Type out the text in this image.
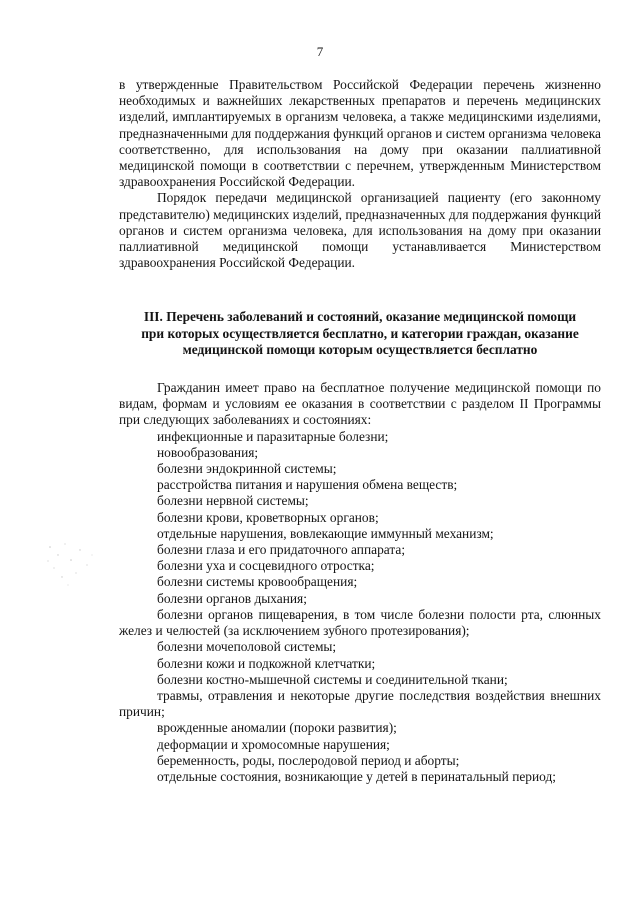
7

в утвержденные Правительством Российской Федерации перечень жизненно необходимых и важнейших лекарственных препаратов и перечень медицинских изделий, имплантируемых в организм человека, а также медицинскими изделиями, предназначенными для поддержания функций органов и систем организма человека соответственно, для использования на дому при оказании паллиативной медицинской помощи в соответствии с перечнем, утвержденным Министерством здравоохранения Российской Федерации.

Порядок передачи медицинской организацией пациенту (его законному представителю) медицинских изделий, предназначенных для поддержания функций органов и систем организма человека, для использования на дому при оказании паллиативной медицинской помощи устанавливается Министерством здравоохранения Российской Федерации.

III. Перечень заболеваний и состояний, оказание медицинской помощи при которых осуществляется бесплатно, и категории граждан, оказание медицинской помощи которым осуществляется бесплатно

Гражданин имеет право на бесплатное получение медицинской помощи по видам, формам и условиям ее оказания в соответствии с разделом II Программы при следующих заболеваниях и состояниях:

инфекционные и паразитарные болезни;
новообразования;
болезни эндокринной системы;
расстройства питания и нарушения обмена веществ;
болезни нервной системы;
болезни крови, кроветворных органов;
отдельные нарушения, вовлекающие иммунный механизм;
болезни глаза и его придаточного аппарата;
болезни уха и сосцевидного отростка;
болезни системы кровообращения;
болезни органов дыхания;
болезни органов пищеварения, в том числе болезни полости рта, слюнных желез и челюстей (за исключением зубного протезирования);
болезни мочеполовой системы;
болезни кожи и подкожной клетчатки;
болезни костно-мышечной системы и соединительной ткани;
травмы, отравления и некоторые другие последствия воздействия внешних причин;
врожденные аномалии (пороки развития);
деформации и хромосомные нарушения;
беременность, роды, послеродовой период и аборты;
отдельные состояния, возникающие у детей в перинатальный период;
